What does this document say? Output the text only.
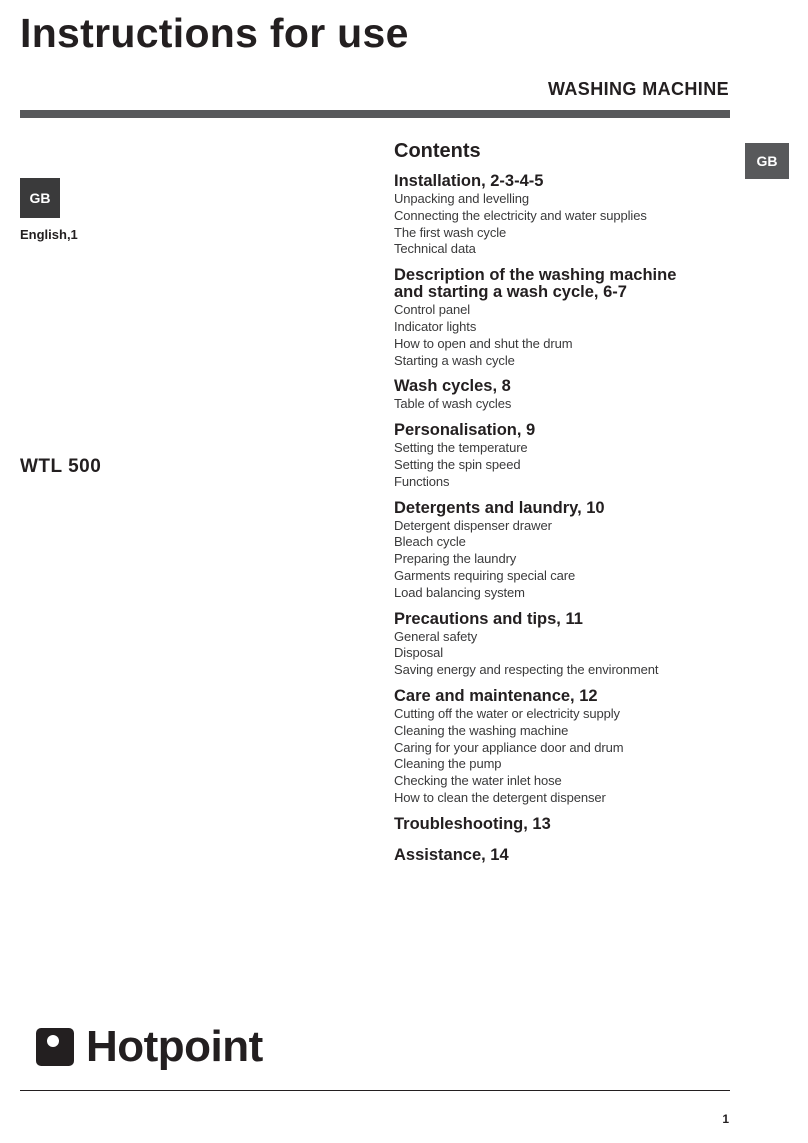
Instructions for use
WASHING MACHINE
GB
GB
English,1
WTL 500
Contents
Installation, 2-3-4-5
Unpacking and levelling
Connecting the electricity and water supplies
The first wash cycle
Technical data
Description of the washing machine
and starting a wash cycle, 6-7
Control panel
Indicator lights
How to open and shut the drum
Starting a wash cycle
Wash cycles, 8
Table of wash cycles
Personalisation, 9
Setting the temperature
Setting the spin speed
Functions
Detergents and laundry, 10
Detergent dispenser drawer
Bleach cycle
Preparing the laundry
Garments requiring special care
Load balancing system
Precautions and tips, 11
General safety
Disposal
Saving energy and respecting the environment
Care and maintenance, 12
Cutting off the water or electricity supply
Cleaning the washing machine
Caring for your appliance door and drum
Cleaning the pump
Checking the water inlet hose
How to clean the detergent dispenser
Troubleshooting, 13
Assistance, 14
Hotpoint
1
